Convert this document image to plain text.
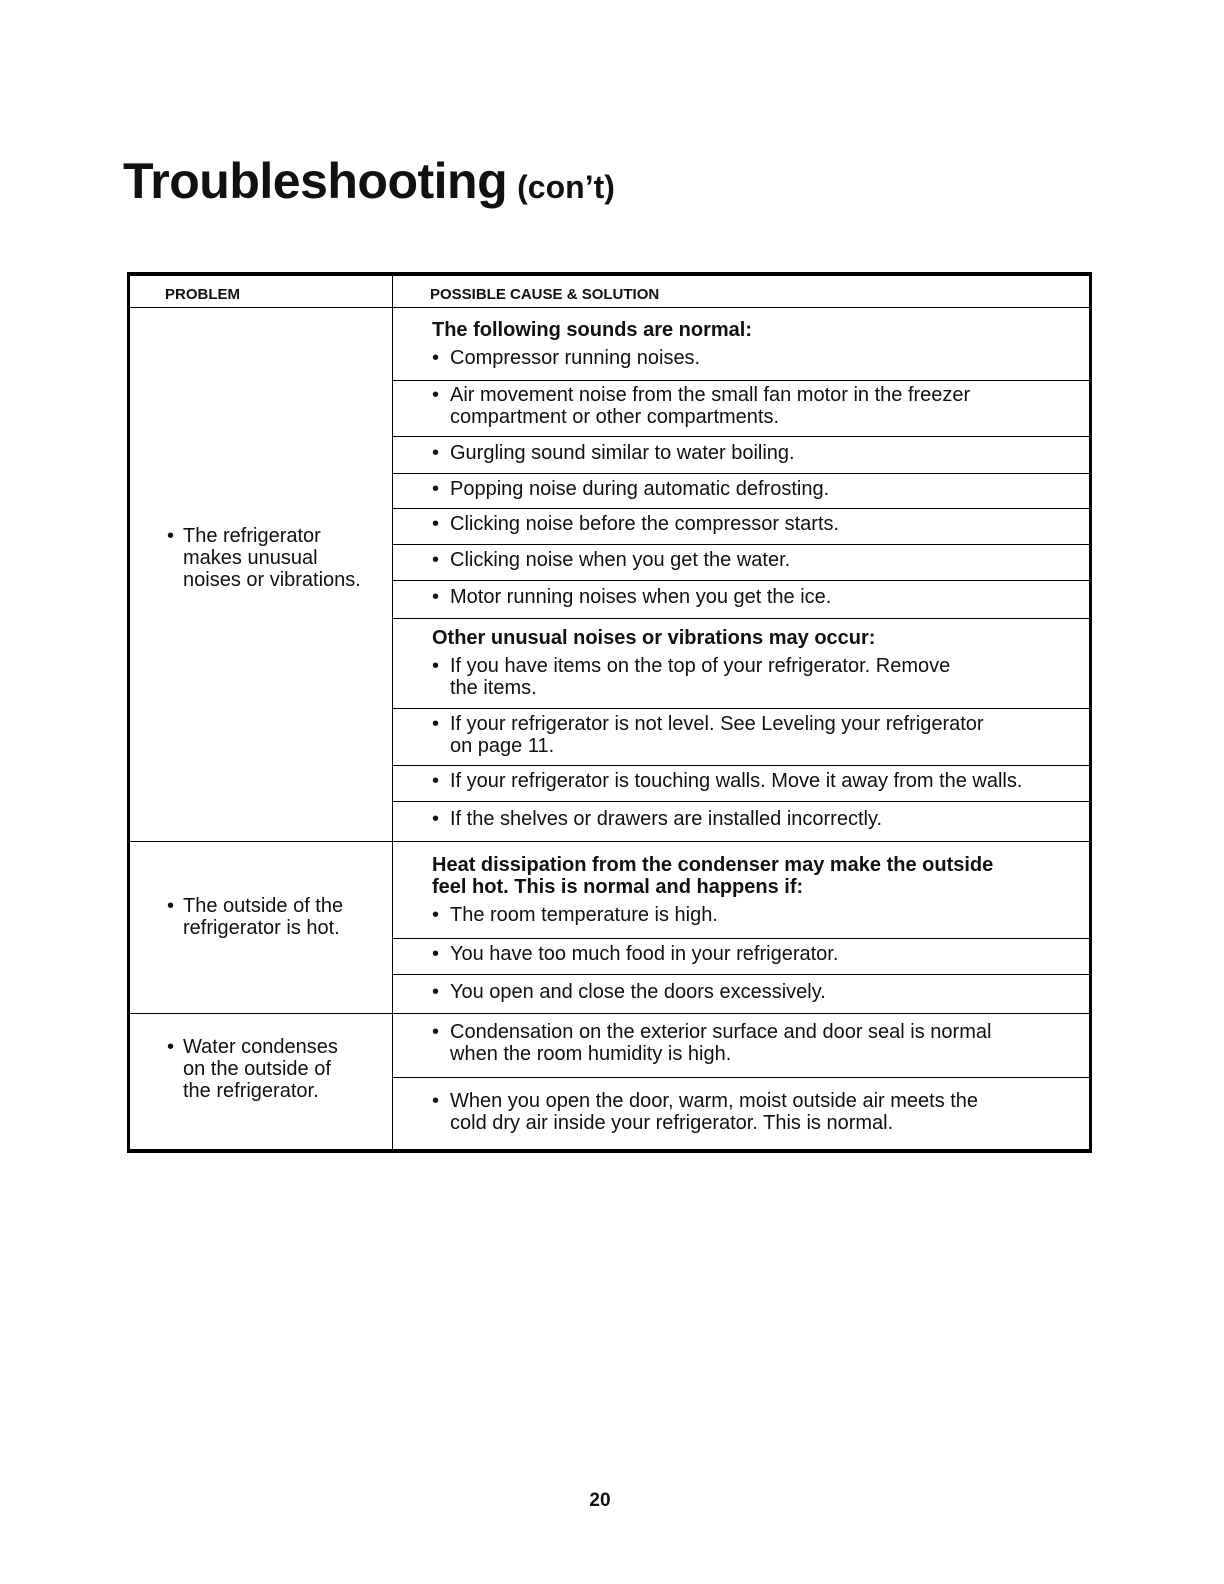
Troubleshooting (con’t)
PROBLEM	POSSIBLE CAUSE & SOLUTION
• The refrigerator
makes unusual
noises or vibrations.
The following sounds are normal:
• Compressor running noises.
• Air movement noise from the small fan motor in the freezer
compartment or other compartments.
• Gurgling sound similar to water boiling.
• Popping noise during automatic defrosting.
• Clicking noise before the compressor starts.
• Clicking noise when you get the water.
• Motor running noises when you get the ice.
Other unusual noises or vibrations may occur:
• If you have items on the top of your refrigerator. Remove
the items.
• If your refrigerator is not level. See Leveling your refrigerator
on page 11.
• If your refrigerator is touching walls. Move it away from the walls.
• If the shelves or drawers are installed incorrectly.
• The outside of the
refrigerator is hot.
Heat dissipation from the condenser may make the outside
feel hot. This is normal and happens if:
• The room temperature is high.
• You have too much food in your refrigerator.
• You open and close the doors excessively.
• Water condenses
on the outside of
the refrigerator.
• Condensation on the exterior surface and door seal is normal
when the room humidity is high.
• When you open the door, warm, moist outside air meets the
cold dry air inside your refrigerator. This is normal.
20
